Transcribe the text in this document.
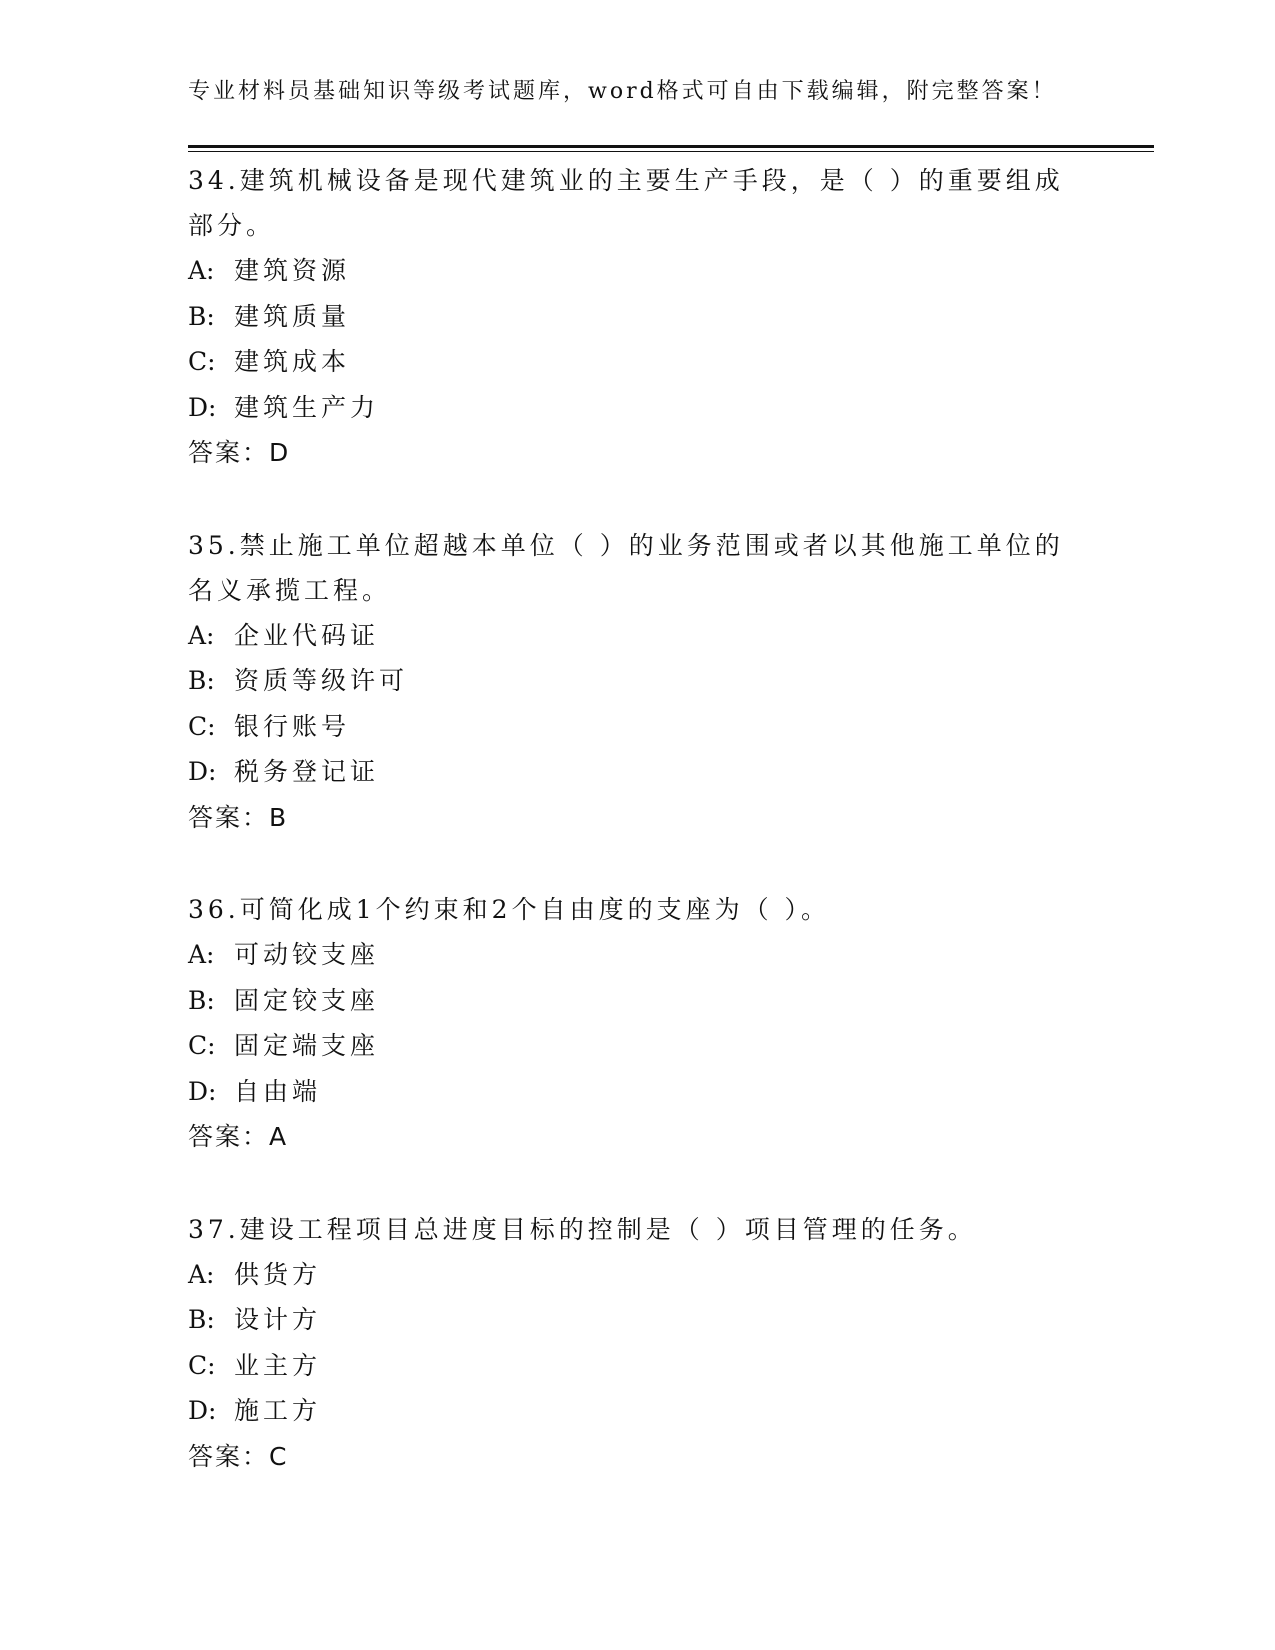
专业材料员基础知识等级考试题库，word格式可自由下载编辑，附完整答案！

34.建筑机械设备是现代建筑业的主要生产手段，是（ ）的重要组成

部分。

A: 建筑资源

B: 建筑质量

C: 建筑成本

D: 建筑生产力

答案：D

35.禁止施工单位超越本单位（ ）的业务范围或者以其他施工单位的

名义承揽工程。

A: 企业代码证

B: 资质等级许可

C: 银行账号

D: 税务登记证

答案：B

36.可简化成1个约束和2个自由度的支座为（ ）。

A: 可动铰支座

B: 固定铰支座

C: 固定端支座

D: 自由端

答案：A

37.建设工程项目总进度目标的控制是（ ）项目管理的任务。

A: 供货方

B: 设计方

C: 业主方

D: 施工方

答案：C
